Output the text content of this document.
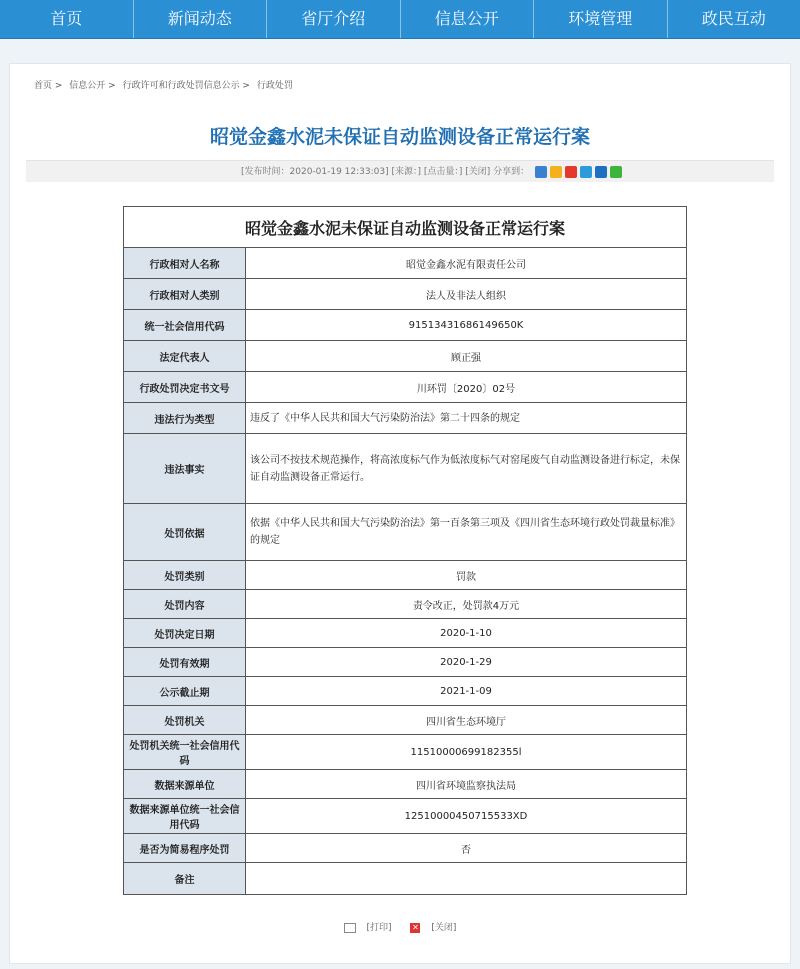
首页	新闻动态	省厅介绍	信息公开	环境管理	政民互动
首页 > 信息公开 > 行政许可和行政处罚信息公示 > 行政处罚
昭觉金鑫水泥未保证自动监测设备正常运行案
[发布时间：2020-01-19 12:33:03] [来源：] [点击量：] [关闭] 分享到：
昭觉金鑫水泥未保证自动监测设备正常运行案	
行政相对人名称	昭觉金鑫水泥有限责任公司
行政相对人类别	法人及非法人组织
统一社会信用代码	91513431686149650K
法定代表人	顾正强
行政处罚决定书文号	川环罚〔2020〕02号
违法行为类型	违反了《中华人民共和国大气污染防治法》第二十四条的规定
违法事实	该公司不按技术规范操作，将高浓度标气作为低浓度标气对窑尾废气自动监测设备进行标定，未保证自动监测设备正常运行。
处罚依据	依据《中华人民共和国大气污染防治法》第一百条第三项及《四川省生态环境行政处罚裁量标准》的规定
处罚类别	罚款
处罚内容	责令改正，处罚款4万元
处罚决定日期	2020-1-10
处罚有效期	2020-1-29
公示截止期	2021-1-09
处罚机关	四川省生态环境厅
处罚机关统一社会信用代码	11510000699182355l
数据来源单位	四川省环境监察执法局
数据来源单位统一社会信用代码	12510000450715533XD
是否为简易程序处罚	否
备注	
[打印]	✕ [关闭]
